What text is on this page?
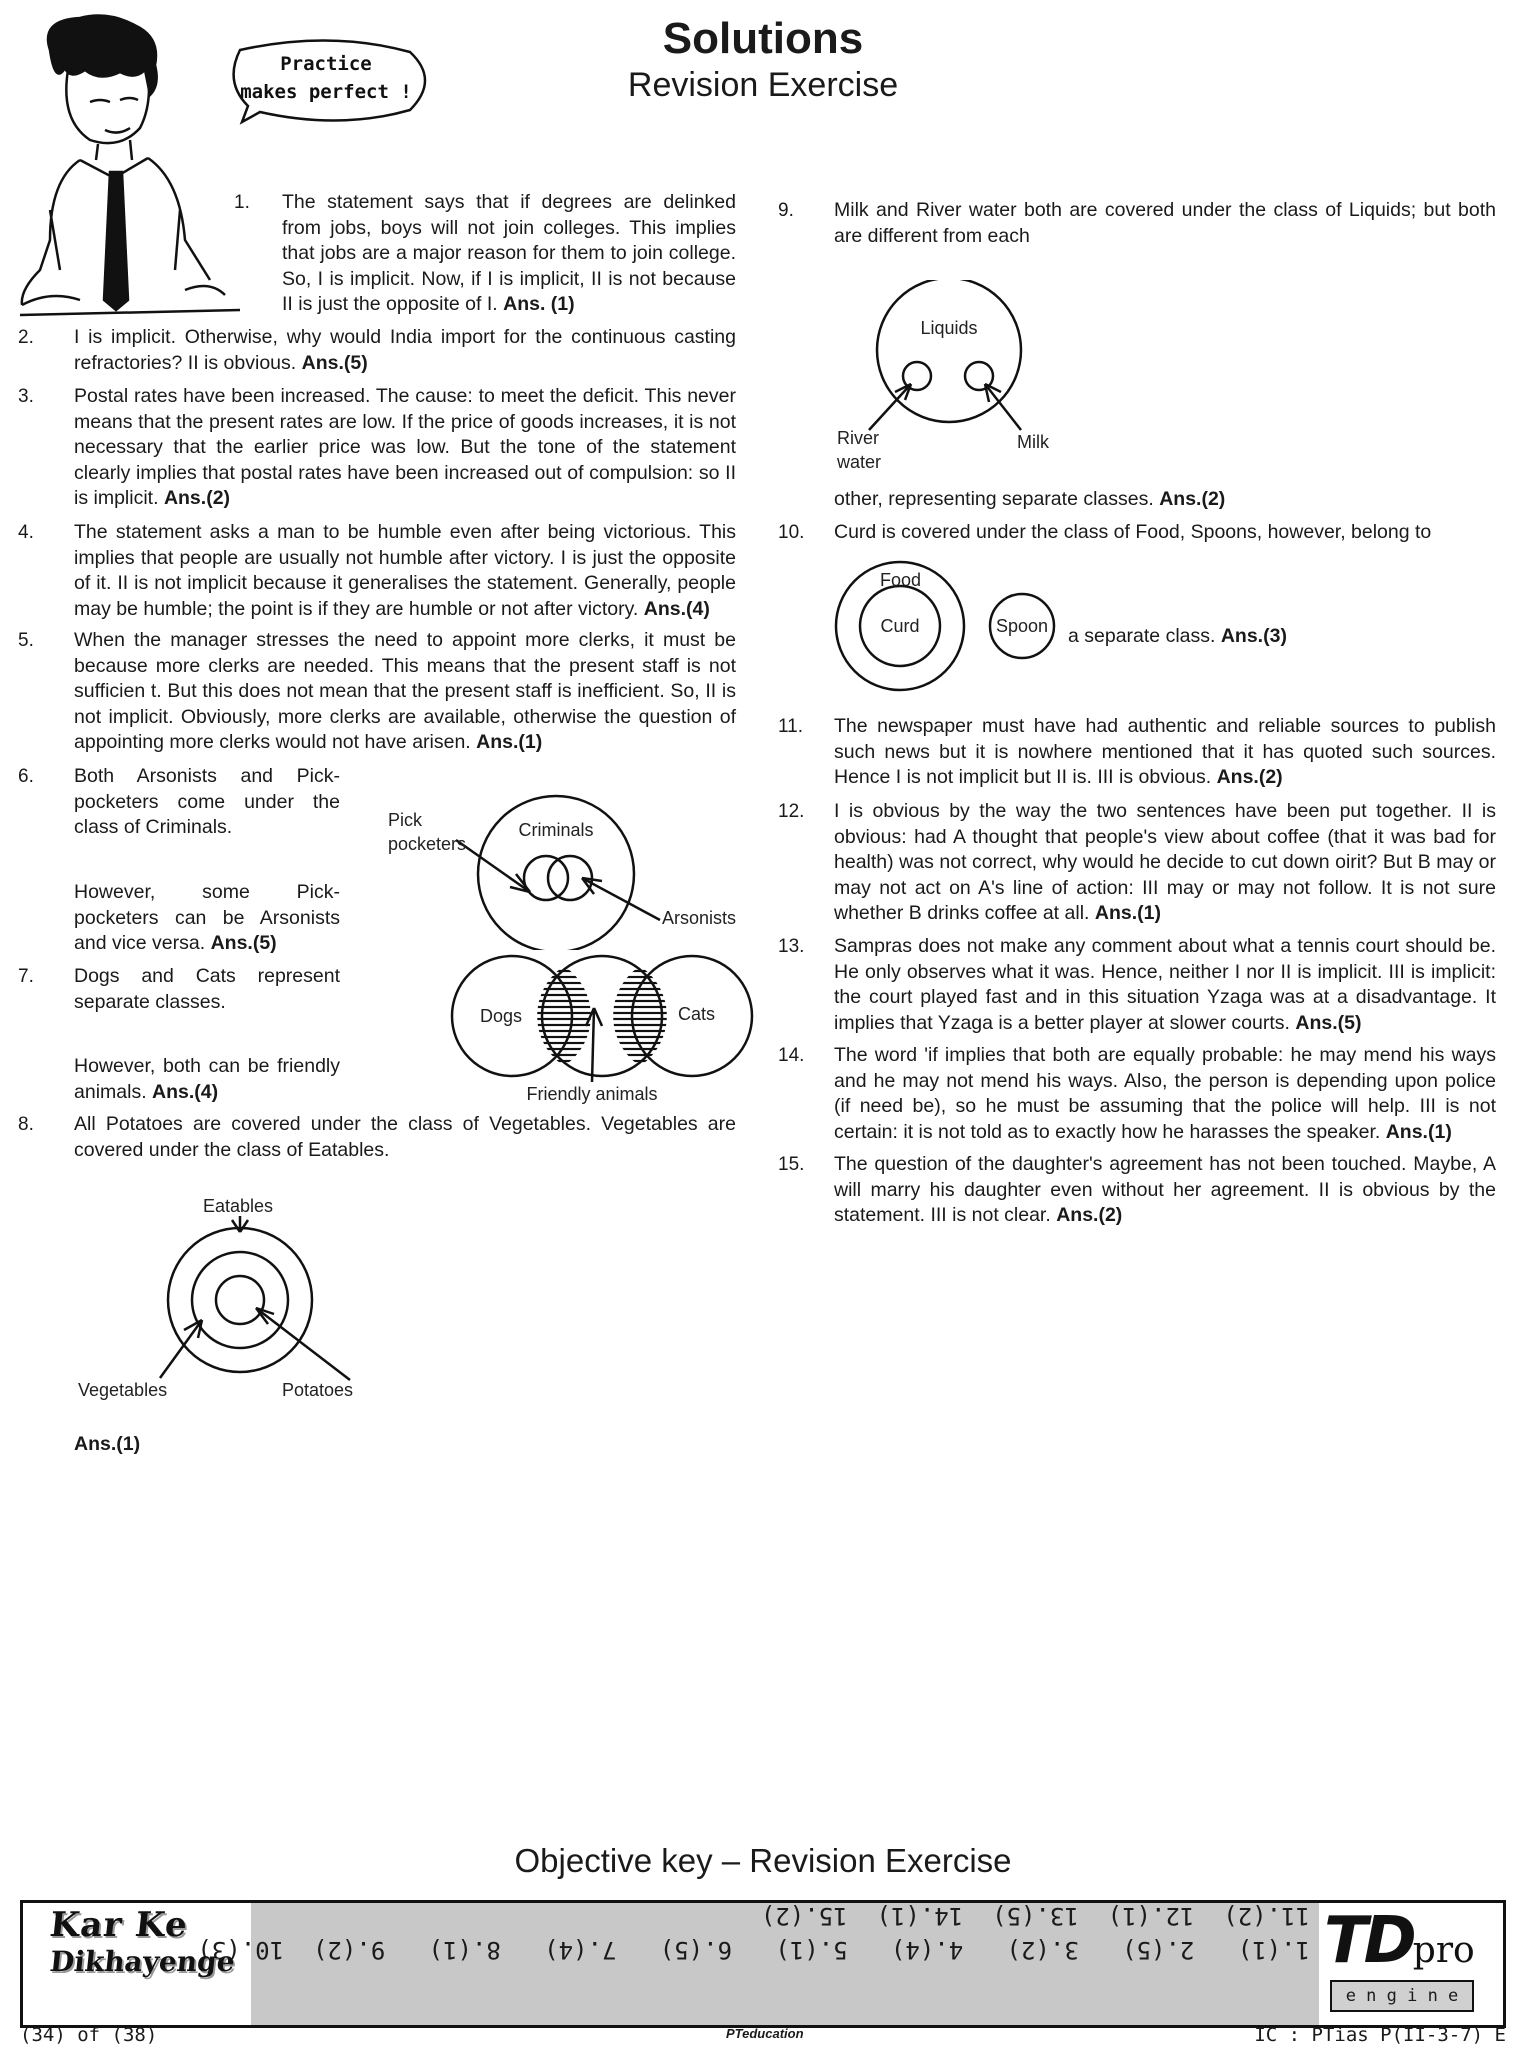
Solutions
Revision Exercise
Practice
makes perfect !
1. The statement says that if degrees are delinked from jobs, boys will not join colleges. This implies that jobs are a major reason for them to join college. So, I is implicit. Now, if I is implicit, II is not because II is just the opposite of I. Ans. (1)
2. I is implicit. Otherwise, why would India import for the continuous casting refractories? II is obvious. Ans.(5)
3. Postal rates have been increased. The cause: to meet the deficit. This never means that the present rates are low. If the price of goods increases, it is not necessary that the earlier price was low. But the tone of the statement clearly implies that postal rates have been increased out of compulsion: so II is implicit. Ans.(2)
4. The statement asks a man to be humble even after being victorious. This implies that people are usually not humble after victory. I is just the opposite of it. II is not implicit because it generalises the statement. Generally, people may be humble; the point is if they are humble or not after victory. Ans.(4)
5. When the manager stresses the need to appoint more clerks, it must be because more clerks are needed. This means that the present staff is not sufficien t. But this does not mean that the present staff is inefficient. So, II is not implicit. Obviously, more clerks are available, otherwise the question of appointing more clerks would not have arisen. Ans.(1)
6. Both Arsonists and Pick-pocketers come under the class of Criminals.
However, some Pick-pocketers can be Arsonists and vice versa. Ans.(5)
7. Dogs and Cats represent separate classes.
However, both can be friendly animals. Ans.(4)
8. All Potatoes are covered under the class of Vegetables. Vegetables are covered under the class of Eatables.
Ans.(1)
Criminals
Pick
pocketers
Arsonists
Dogs	Cats
Friendly animals
Eatables
Vegetables	Potatoes
9. Milk and River water both are covered under the class of Liquids; but both are different from each
Liquids
River
water
Milk
other, representing separate classes. Ans.(2)
10. Curd is covered under the class of Food, Spoons, however, belong to
Food
Curd	Spoon a separate class. Ans.(3)
11. The newspaper must have had authentic and reliable sources to publish such news but it is nowhere mentioned that it has quoted such sources. Hence I is not implicit but II is. III is obvious. Ans.(2)
12. I is obvious by the way the two sentences have been put together. II is obvious: had A thought that people's view about coffee (that it was bad for health) was not correct, why would he decide to cut down oirit? But B may or may not act on A's line of action: III may or may not follow. It is not sure whether B drinks coffee at all. Ans.(1)
13. Sampras does not make any comment about what a tennis court should be. He only observes what it was. Hence, neither I nor II is implicit. III is implicit: the court played fast and in this situation Yzaga was at a disadvantage. It implies that Yzaga is a better player at slower courts. Ans.(5)
14. The word 'if implies that both are equally probable: he may mend his ways and he may not mend his ways. Also, the person is depending upon police (if need be), so he must be assuming that the police will help. III is not certain: it is not told as to exactly how he harasses the speaker. Ans.(1)
15. The question of the daughter's agreement has not been touched. Maybe, A will marry his daughter even without her agreement. II is obvious by the statement. III is not clear. Ans.(2)
Objective key – Revision Exercise
1.(1)   2.(5)   3.(2)   4.(4)   5.(1)   6.(5)   7.(4)   8.(1)   9.(2)  10.(3)
11.(2)  12.(1)  13.(5)  14.(1)  15.(2)
Kar Ke
Dikhayenge	TDpro
e n g i n e
(34) of (38)	PTeducation	IC : PTias P(II-3-7) E
